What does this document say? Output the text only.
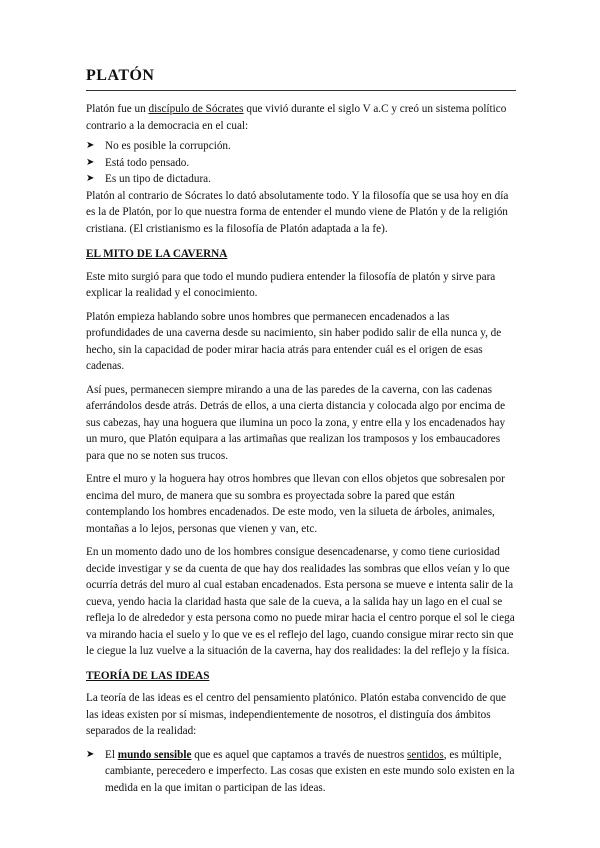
PLATÓN

Platón fue un discípulo de Sócrates que vivió durante el siglo V a.C y creó un sistema político contrario a la democracia en el cual:

➤ No es posible la corrupción.
➤ Está todo pensado.
➤ Es un tipo de dictadura.

Platón al contrario de Sócrates lo dató absolutamente todo. Y la filosofía que se usa hoy en día es la de Platón, por lo que nuestra forma de entender el mundo viene de Platón y de la religión cristiana. (El cristianismo es la filosofía de Platón adaptada a la fe).

EL MITO DE LA CAVERNA

Este mito surgió para que todo el mundo pudiera entender la filosofía de platón y sirve para explicar la realidad y el conocimiento.

Platón empieza hablando sobre unos hombres que permanecen encadenados a las profundidades de una caverna desde su nacimiento, sin haber podido salir de ella nunca y, de hecho, sin la capacidad de poder mirar hacia atrás para entender cuál es el origen de esas cadenas.

Así pues, permanecen siempre mirando a una de las paredes de la caverna, con las cadenas aferrándolos desde atrás. Detrás de ellos, a una cierta distancia y colocada algo por encima de sus cabezas, hay una hoguera que ilumina un poco la zona, y entre ella y los encadenados hay un muro, que Platón equipara a las artimañas que realizan los tramposos y los embaucadores para que no se noten sus trucos.

Entre el muro y la hoguera hay otros hombres que llevan con ellos objetos que sobresalen por encima del muro, de manera que su sombra es proyectada sobre la pared que están contemplando los hombres encadenados. De este modo, ven la silueta de árboles, animales, montañas a lo lejos, personas que vienen y van, etc.

En un momento dado uno de los hombres consigue desencadenarse, y como tiene curiosidad decide investigar y se da cuenta de que hay dos realidades las sombras que ellos veían y lo que ocurría detrás del muro al cual estaban encadenados. Esta persona se mueve e intenta salir de la cueva, yendo hacia la claridad hasta que sale de la cueva, a la salida hay un lago en el cual se refleja lo de alrededor y esta persona como no puede mirar hacia el centro porque el sol le ciega va mirando hacia el suelo y lo que ve es el reflejo del lago, cuando consigue mirar recto sin que le ciegue la luz vuelve a la situación de la caverna, hay dos realidades: la del reflejo y la física.

TEORÍA DE LAS IDEAS

La teoría de las ideas es el centro del pensamiento platónico. Platón estaba convencido de que las ideas existen por sí mismas, independientemente de nosotros, el distinguía dos ámbitos separados de la realidad:

➤ El mundo sensible que es aquel que captamos a través de nuestros sentidos, es múltiple, cambiante, perecedero e imperfecto. Las cosas que existen en este mundo solo existen en la medida en la que imitan o participan de las ideas.
